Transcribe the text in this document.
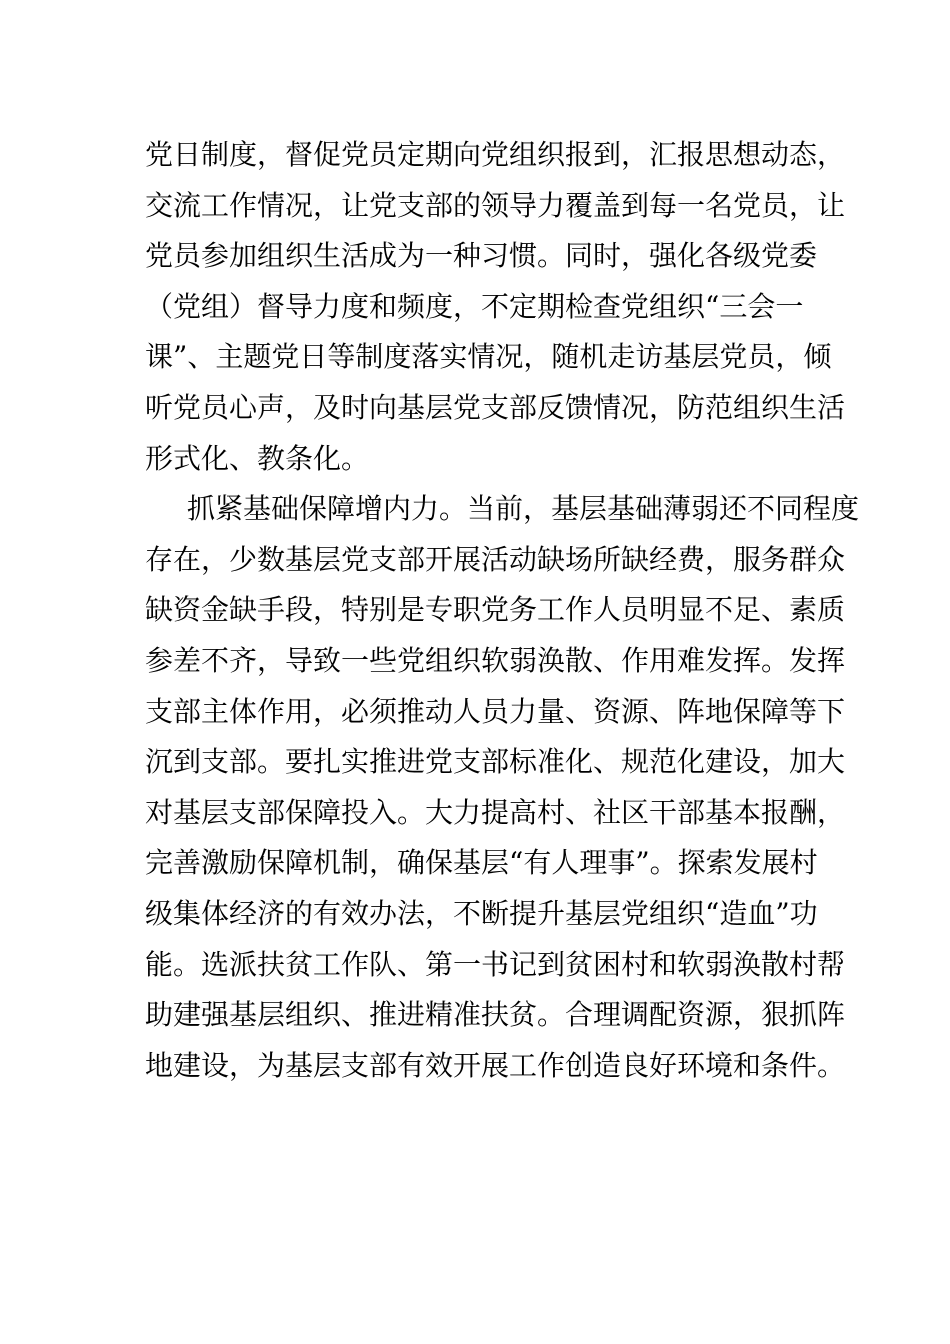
党日制度，督促党员定期向党组织报到，汇报思想动态，
交流工作情况，让党支部的领导力覆盖到每一名党员，让
党员参加组织生活成为一种习惯。同时，强化各级党委
（党组）督导力度和频度，不定期检查党组织“三会一
课”、主题党日等制度落实情况，随机走访基层党员，倾
听党员心声，及时向基层党支部反馈情况，防范组织生活
形式化、教条化。
抓紧基础保障增内力。当前，基层基础薄弱还不同程度
存在，少数基层党支部开展活动缺场所缺经费，服务群众
缺资金缺手段，特别是专职党务工作人员明显不足、素质
参差不齐，导致一些党组织软弱涣散、作用难发挥。发挥
支部主体作用，必须推动人员力量、资源、阵地保障等下
沉到支部。要扎实推进党支部标准化、规范化建设，加大
对基层支部保障投入。大力提高村、社区干部基本报酬，
完善激励保障机制，确保基层“有人理事”。探索发展村
级集体经济的有效办法，不断提升基层党组织“造血”功
能。选派扶贫工作队、第一书记到贫困村和软弱涣散村帮
助建强基层组织、推进精准扶贫。合理调配资源，狠抓阵
地建设，为基层支部有效开展工作创造良好环境和条件。
